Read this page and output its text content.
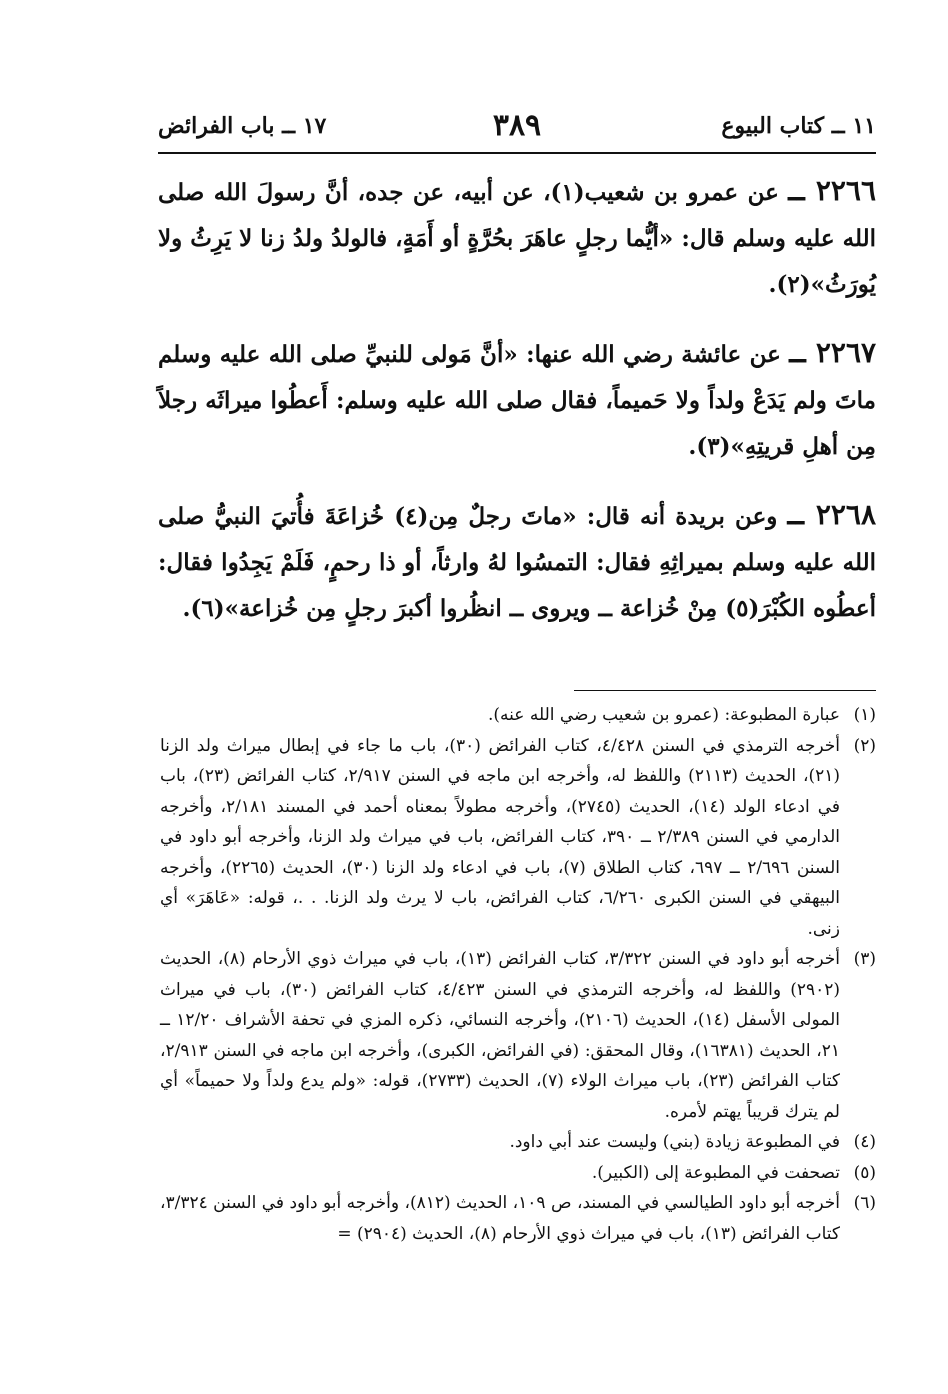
١١ ــ كتاب البيوع
٣٨٩
١٧ ــ باب الفرائض

٢٢٦٦ ــ عن عمرو بن شعيب(١)، عن أبيه، عن جده، أنَّ رسولَ الله صلى الله عليه وسلم قال: «أيُّما رجلٍ عاهَرَ بحُرَّةٍ أو أَمَةٍ، فالولدُ ولدُ زنا لا يَرِثُ ولا يُورَثُ»(٢).

٢٢٦٧ ــ عن عائشة رضي الله عنها: «أنَّ مَولى للنبيِّ صلى الله عليه وسلم ماتَ ولم يَدَعْ ولداً ولا حَميماً، فقال صلى الله عليه وسلم: أَعطُوا ميراثَه رجلاً مِن أهلِ قريتِهِ»(٣).

٢٢٦٨ ــ وعن بريدة أنه قال: «ماتَ رجلٌ مِن(٤) خُزاعَةَ فأُتيَ النبيُّ صلى الله عليه وسلم بميراثِهِ فقال: التمسُوا لهُ وارثاً، أو ذا رحمٍ، فَلَمْ يَجِدُوا فقال: أعطُوه الكُبْرَ(٥) مِنْ خُزاعة ــ ويروى ــ انظُروا أكبرَ رجلٍ مِن خُزاعة»(٦).

(١)
عبارة المطبوعة: (عمرو بن شعيب رضي الله عنه).

(٢)
أخرجه الترمذي في السنن ٤/٤٢٨، كتاب الفرائض (٣٠)، باب ما جاء في إبطال ميراث ولد الزنا (٢١)، الحديث (٢١١٣) واللفظ له، وأخرجه ابن ماجه في السنن ٢/٩١٧، كتاب الفرائض (٢٣)، باب في ادعاء الولد (١٤)، الحديث (٢٧٤٥)، وأخرجه مطولاً بمعناه أحمد في المسند ٢/١٨١، وأخرجه الدارمي في السنن ٢/٣٨٩ ــ ٣٩٠، كتاب الفرائض، باب في ميراث ولد الزنا، وأخرجه أبو داود في السنن ٢/٦٩٦ ــ ٦٩٧، كتاب الطلاق (٧)، باب في ادعاء ولد الزنا (٣٠)، الحديث (٢٢٦٥)، وأخرجه البيهقي في السنن الكبرى ٦/٢٦٠، كتاب الفرائض، باب لا يرث ولد الزنا. . .، قوله: «عَاهَرَ» أي زنى.

(٣)
أخرجه أبو داود في السنن ٣/٣٢٢، كتاب الفرائض (١٣)، باب في ميراث ذوي الأرحام (٨)، الحديث (٢٩٠٢) واللفظ له، وأخرجه الترمذي في السنن ٤/٤٢٣، كتاب الفرائض (٣٠)، باب في ميراث المولى الأسفل (١٤)، الحديث (٢١٠٦)، وأخرجه النسائي، ذكره المزي في تحفة الأشراف ١٢/٢٠ ــ ٢١، الحديث (١٦٣٨١)، وقال المحقق: (في الفرائض، الكبرى)، وأخرجه ابن ماجه في السنن ٢/٩١٣، كتاب الفرائض (٢٣)، باب ميراث الولاء (٧)، الحديث (٢٧٣٣)، قوله: «ولم يدع ولداً ولا حميماً» أي لم يترك قريباً يهتم لأمره.

(٤)
في المطبوعة زيادة (بني) وليست عند أبي داود.

(٥)
تصحفت في المطبوعة إلى (الكبير).

(٦)
أخرجه أبو داود الطيالسي في المسند، ص ١٠٩، الحديث (٨١٢)، وأخرجه أبو داود في السنن ٣/٣٢٤، كتاب الفرائض (١٣)، باب في ميراث ذوي الأرحام (٨)، الحديث (٢٩٠٤) =
